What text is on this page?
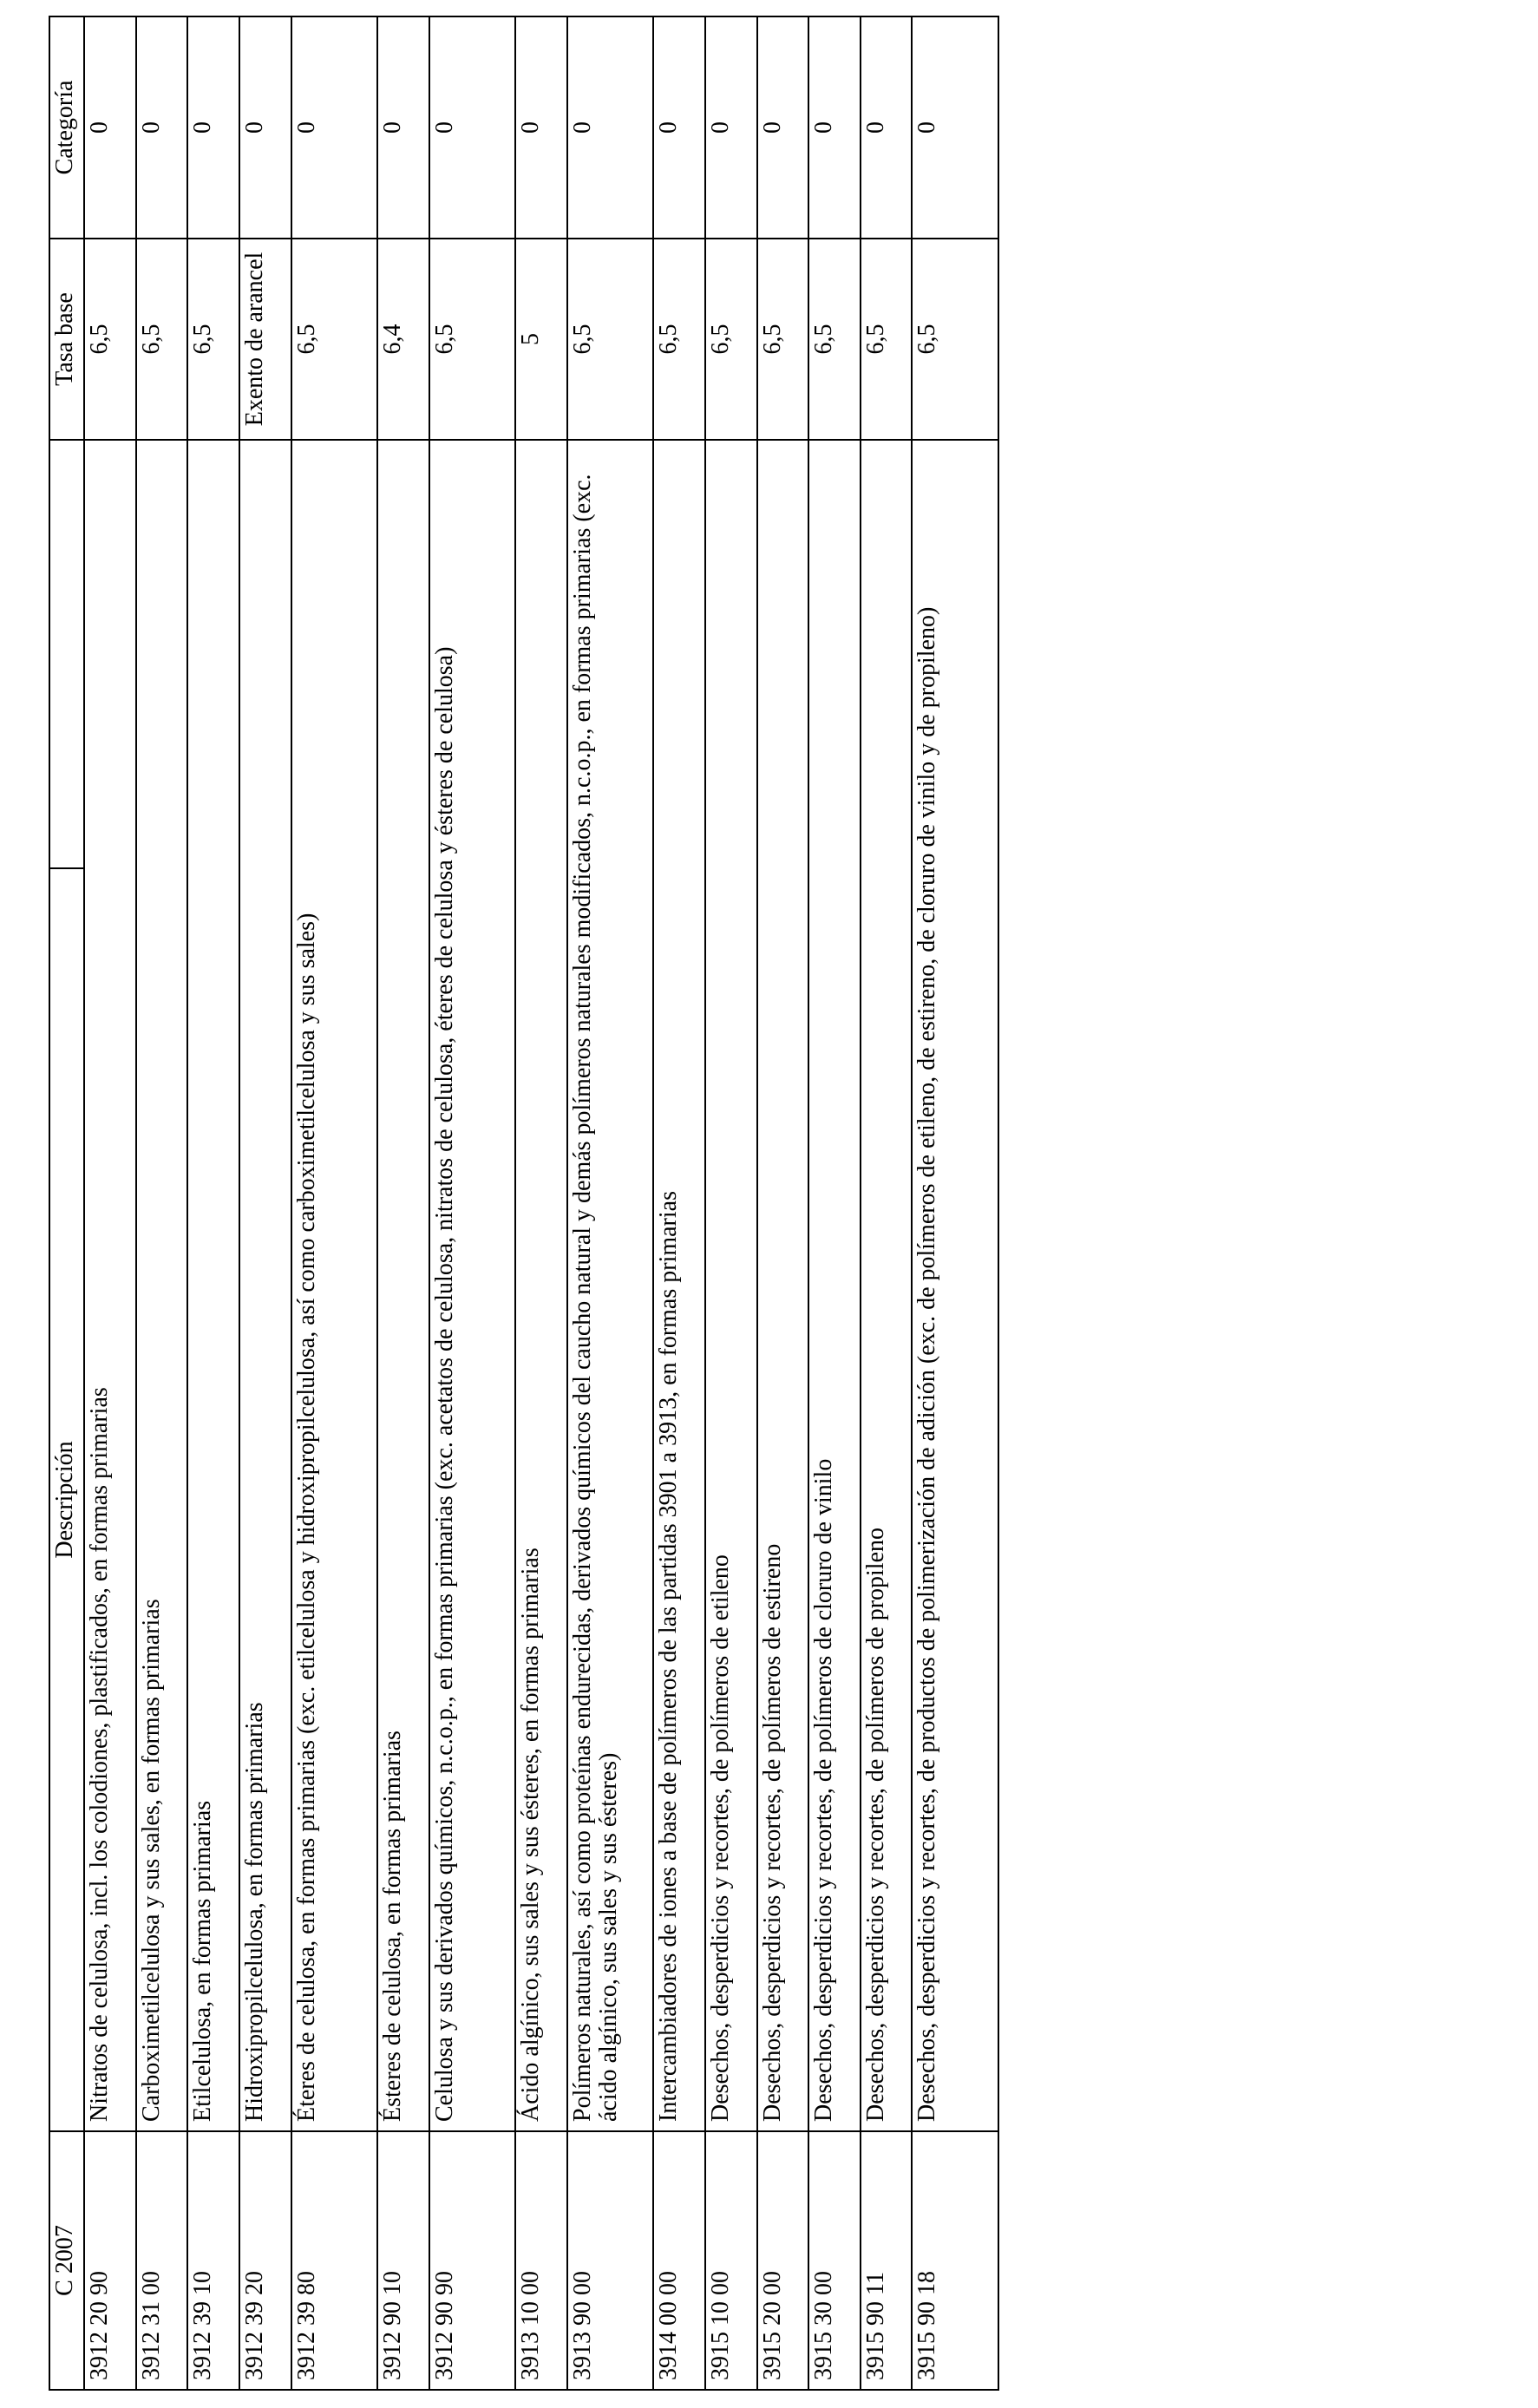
C 2007	Descripción		Tasa base	Categoría
3912 20 90	Nitratos de celulosa, incl. los colodiones, plastificados, en formas primarias		6,5	0
3912 31 00	Carboximetilcelulosa y sus sales, en formas primarias		6,5	0
3912 39 10	Etilcelulosa, en formas primarias		6,5	0
3912 39 20	Hidroxipropilcelulosa, en formas primarias		Exento de arancel	0
3912 39 80	Éteres de celulosa, en formas primarias (exc. etilcelulosa y hidroxipropilcelulosa, así como carboximetilcelulosa y sus sales)		6,5	0
3912 90 10	Ésteres de celulosa, en formas primarias		6,4	0
3912 90 90	Celulosa y sus derivados químicos, n.c.o.p., en formas primarias (exc. acetatos de celulosa, nitratos de celulosa, éteres de celulosa y ésteres de celulosa)		6,5	0
3913 10 00	Ácido algínico, sus sales y sus ésteres, en formas primarias		5	0
3913 90 00	Polímeros naturales, así como proteínas endurecidas, derivados químicos del caucho natural y demás polímeros naturales modificados, n.c.o.p., en formas primarias (exc. ácido algínico, sus sales y sus ésteres)		6,5	0
3914 00 00	Intercambiadores de iones a base de polímeros de las partidas 3901 a 3913, en formas primarias		6,5	0
3915 10 00	Desechos, desperdicios y recortes, de polímeros de etileno		6,5	0
3915 20 00	Desechos, desperdicios y recortes, de polímeros de estireno		6,5	0
3915 30 00	Desechos, desperdicios y recortes, de polímeros de cloruro de vinilo		6,5	0
3915 90 11	Desechos, desperdicios y recortes, de polímeros de propileno		6,5	0
3915 90 18	Desechos, desperdicios y recortes, de productos de polimerización de adición (exc. de polímeros de etileno, de estireno, de cloruro de vinilo y de propileno)		6,5	0
